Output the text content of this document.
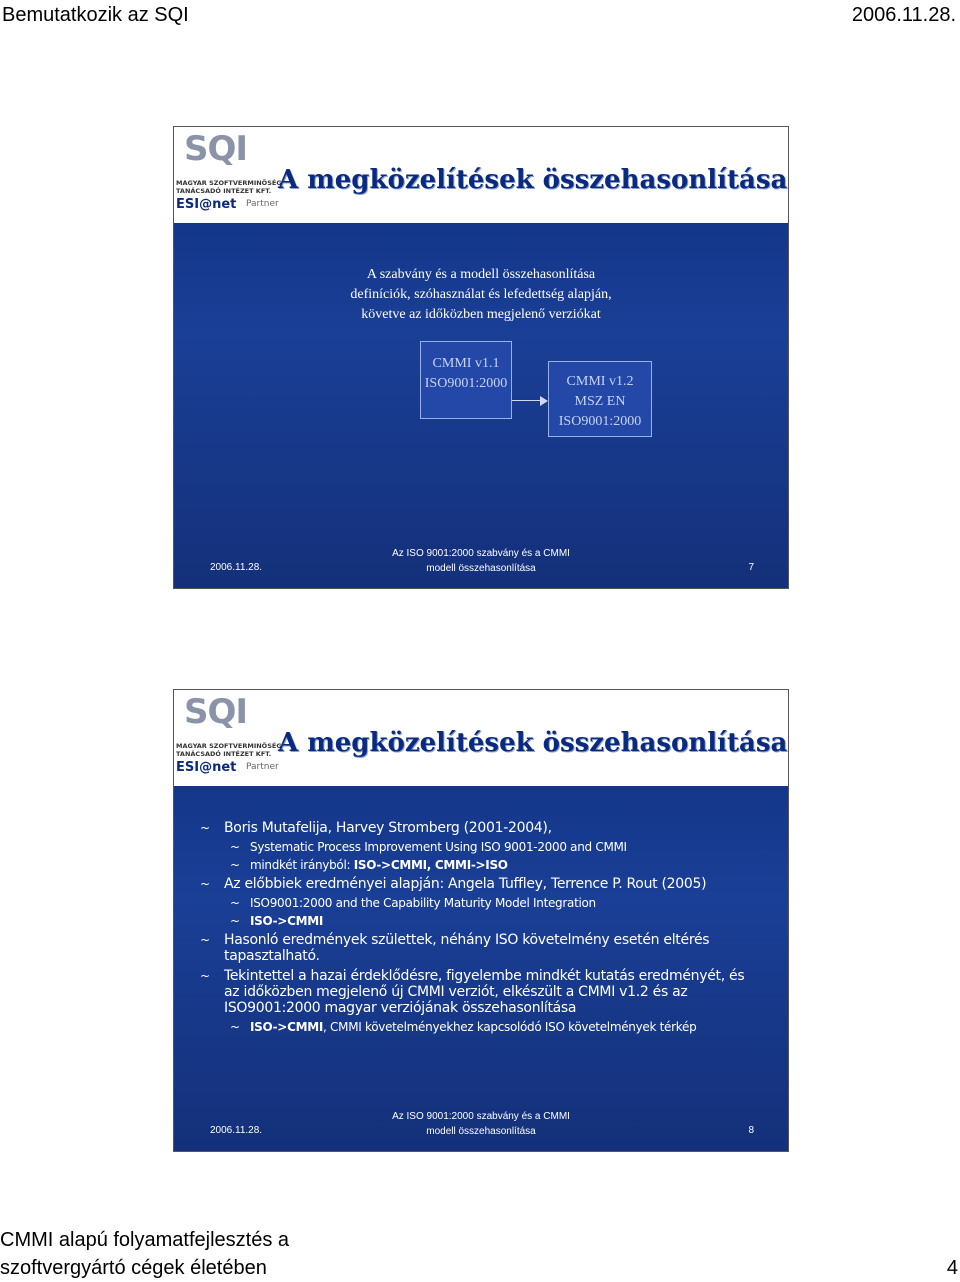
Bemutatkozik az SQI	2006.11.28.
SQI
MAGYAR SZOFTVERMINŐSÉG
TANÁCSADÓ INTÉZET KFT.
ESI@net Partner
A megközelítések összehasonlítása
A szabvány és a modell összehasonlítása
definíciók, szóhasználat és lefedettség alapján,
követve az időközben megjelenő verziókat
CMMI v1.1
ISO9001:2000	CMMI v1.2
MSZ EN
ISO9001:2000
2006.11.28.
Az ISO 9001:2000 szabvány és a CMMI
modell összehasonlítása	7
SQI
MAGYAR SZOFTVERMINŐSÉG
TANÁCSADÓ INTÉZET KFT.
ESI@net Partner
A megközelítések összehasonlítása
~ Boris Mutafelija, Harvey Stromberg (2001-2004),
~ Systematic Process Improvement Using ISO 9001-2000 and CMMI
~ mindkét irányból: ISO->CMMI, CMMI->ISO
~ Az előbbiek eredményei alapján: Angela Tuffley, Terrence P. Rout (2005)
~ ISO9001:2000 and the Capability Maturity Model Integration
~ ISO->CMMI
~ Hasonló eredmények születtek, néhány ISO követelmény esetén eltérés tapasztalható.
~ Tekintettel a hazai érdeklődésre, figyelembe mindkét kutatás eredményét, és az időközben megjelenő új CMMI verziót, elkészült a CMMI v1.2 és az ISO9001:2000 magyar verziójának összehasonlítása
~ ISO->CMMI, CMMI követelményekhez kapcsolódó ISO követelmények térkép
2006.11.28.
Az ISO 9001:2000 szabvány és a CMMI
modell összehasonlítása	8
CMMI alapú folyamatfejlesztés a
szoftvergyártó cégek életében	4
